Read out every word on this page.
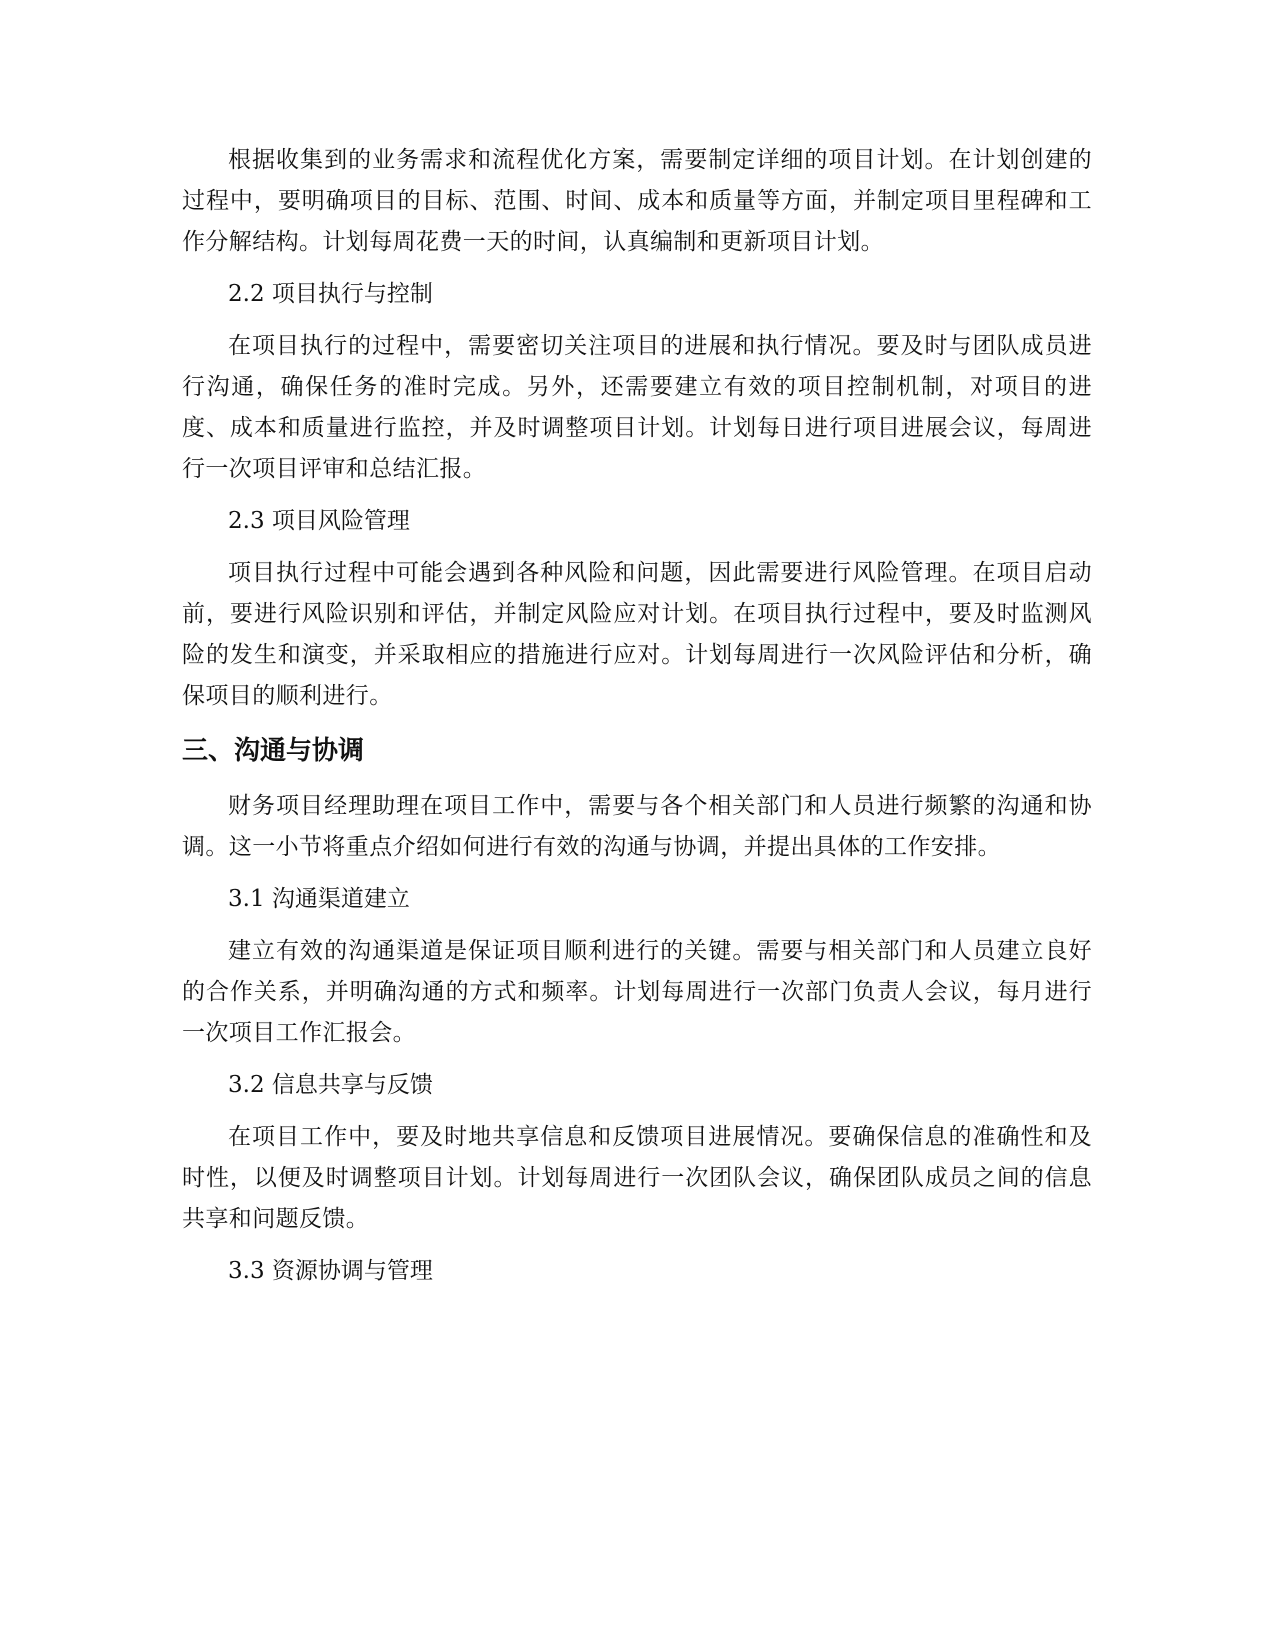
根据收集到的业务需求和流程优化方案，需要制定详细的项目计划。在计划创建的过程中，要明确项目的目标、范围、时间、成本和质量等方面，并制定项目里程碑和工作分解结构。计划每周花费一天的时间，认真编制和更新项目计划。

2.2 项目执行与控制

在项目执行的过程中，需要密切关注项目的进展和执行情况。要及时与团队成员进行沟通，确保任务的准时完成。另外，还需要建立有效的项目控制机制，对项目的进度、成本和质量进行监控，并及时调整项目计划。计划每日进行项目进展会议，每周进行一次项目评审和总结汇报。

2.3 项目风险管理

项目执行过程中可能会遇到各种风险和问题，因此需要进行风险管理。在项目启动前，要进行风险识别和评估，并制定风险应对计划。在项目执行过程中，要及时监测风险的发生和演变，并采取相应的措施进行应对。计划每周进行一次风险评估和分析，确保项目的顺利进行。

三、沟通与协调

财务项目经理助理在项目工作中，需要与各个相关部门和人员进行频繁的沟通和协调。这一小节将重点介绍如何进行有效的沟通与协调，并提出具体的工作安排。

3.1 沟通渠道建立

建立有效的沟通渠道是保证项目顺利进行的关键。需要与相关部门和人员建立良好的合作关系，并明确沟通的方式和频率。计划每周进行一次部门负责人会议，每月进行一次项目工作汇报会。

3.2 信息共享与反馈

在项目工作中，要及时地共享信息和反馈项目进展情况。要确保信息的准确性和及时性，以便及时调整项目计划。计划每周进行一次团队会议，确保团队成员之间的信息共享和问题反馈。

3.3 资源协调与管理
